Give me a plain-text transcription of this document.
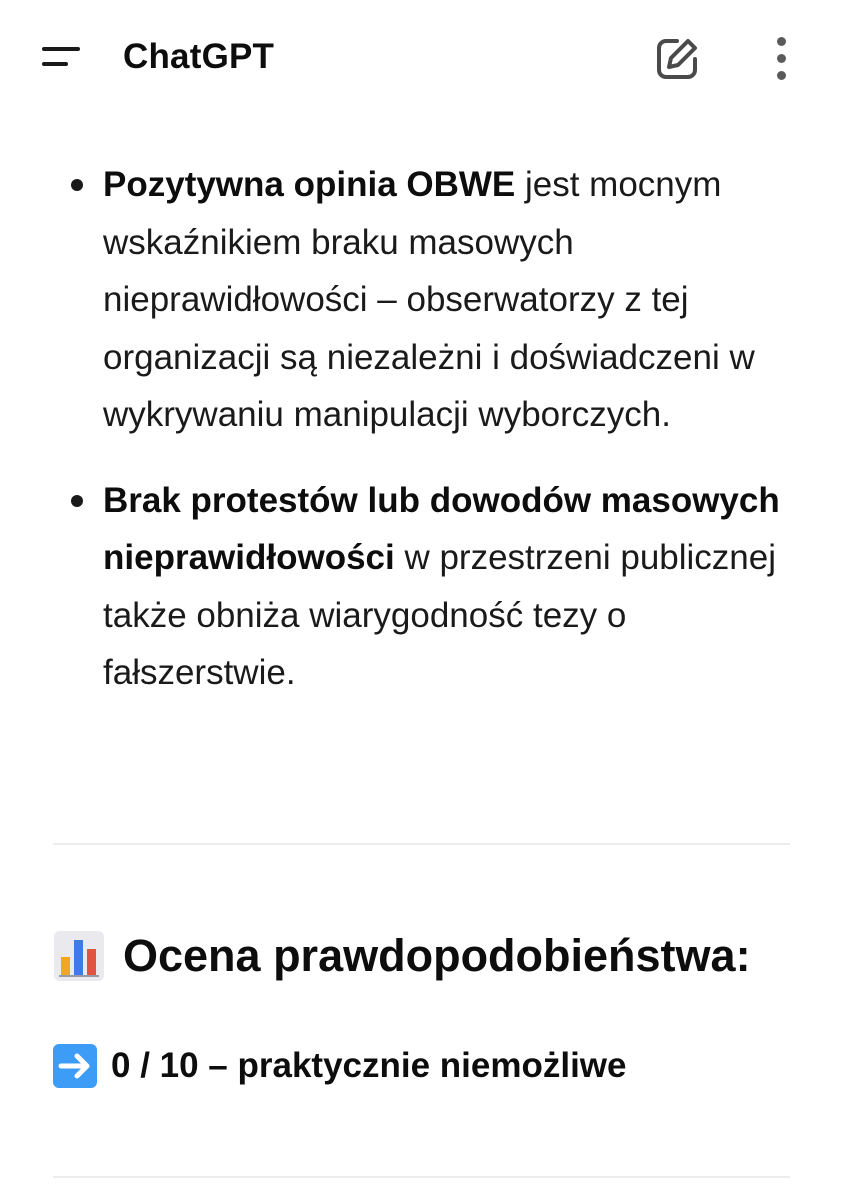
ChatGPT
Pozytywna opinia OBWE jest mocnym wskaźnikiem braku masowych nieprawidłowości – obserwatorzy z tej organizacji są niezależni i doświadczeni w wykrywaniu manipulacji wyborczych.
Brak protestów lub dowodów masowych nieprawidłowości w przestrzeni publicznej także obniża wiarygodność tezy o fałszerstwie.
Ocena prawdopodobieństwa:
0 / 10 – praktycznie niemożliwe
